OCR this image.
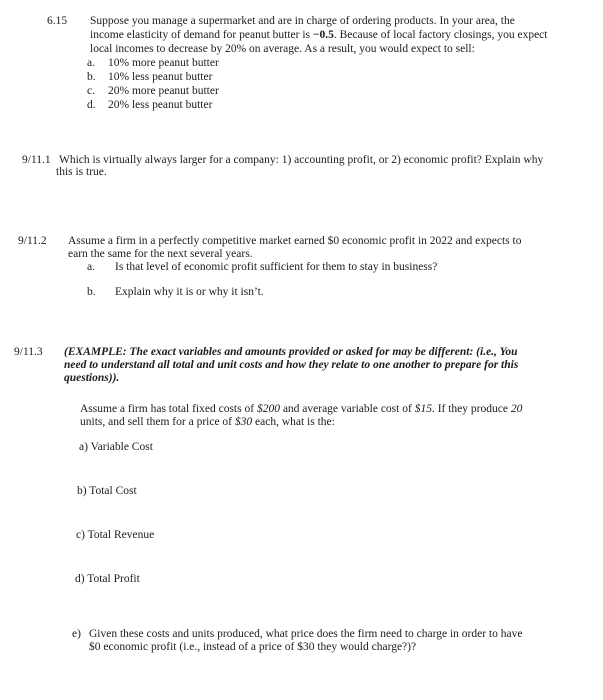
6.15 Suppose you manage a supermarket and are in charge of ordering products. In your area, the
income elasticity of demand for peanut butter is −0.5. Because of local factory closings, you expect
local incomes to decrease by 20% on average. As a result, you would expect to sell:
a. 10% more peanut butter
b. 10% less peanut butter
c. 20% more peanut butter
d. 20% less peanut butter
9/11.1 Which is virtually always larger for a company: 1) accounting profit, or 2) economic profit? Explain why
this is true.
9/11.2 Assume a firm in a perfectly competitive market earned $0 economic profit in 2022 and expects to
earn the same for the next several years.
a. Is that level of economic profit sufficient for them to stay in business?
b. Explain why it is or why it isn’t.
9/11.3 (EXAMPLE: The exact variables and amounts provided or asked for may be different: (i.e., You
need to understand all total and unit costs and how they relate to one another to prepare for this
questions)).
Assume a firm has total fixed costs of $200 and average variable cost of $15. If they produce 20
units, and sell them for a price of $30 each, what is the:
a) Variable Cost
b) Total Cost
c) Total Revenue
d) Total Profit
e) Given these costs and units produced, what price does the firm need to charge in order to have
$0 economic profit (i.e., instead of a price of $30 they would charge?)?
